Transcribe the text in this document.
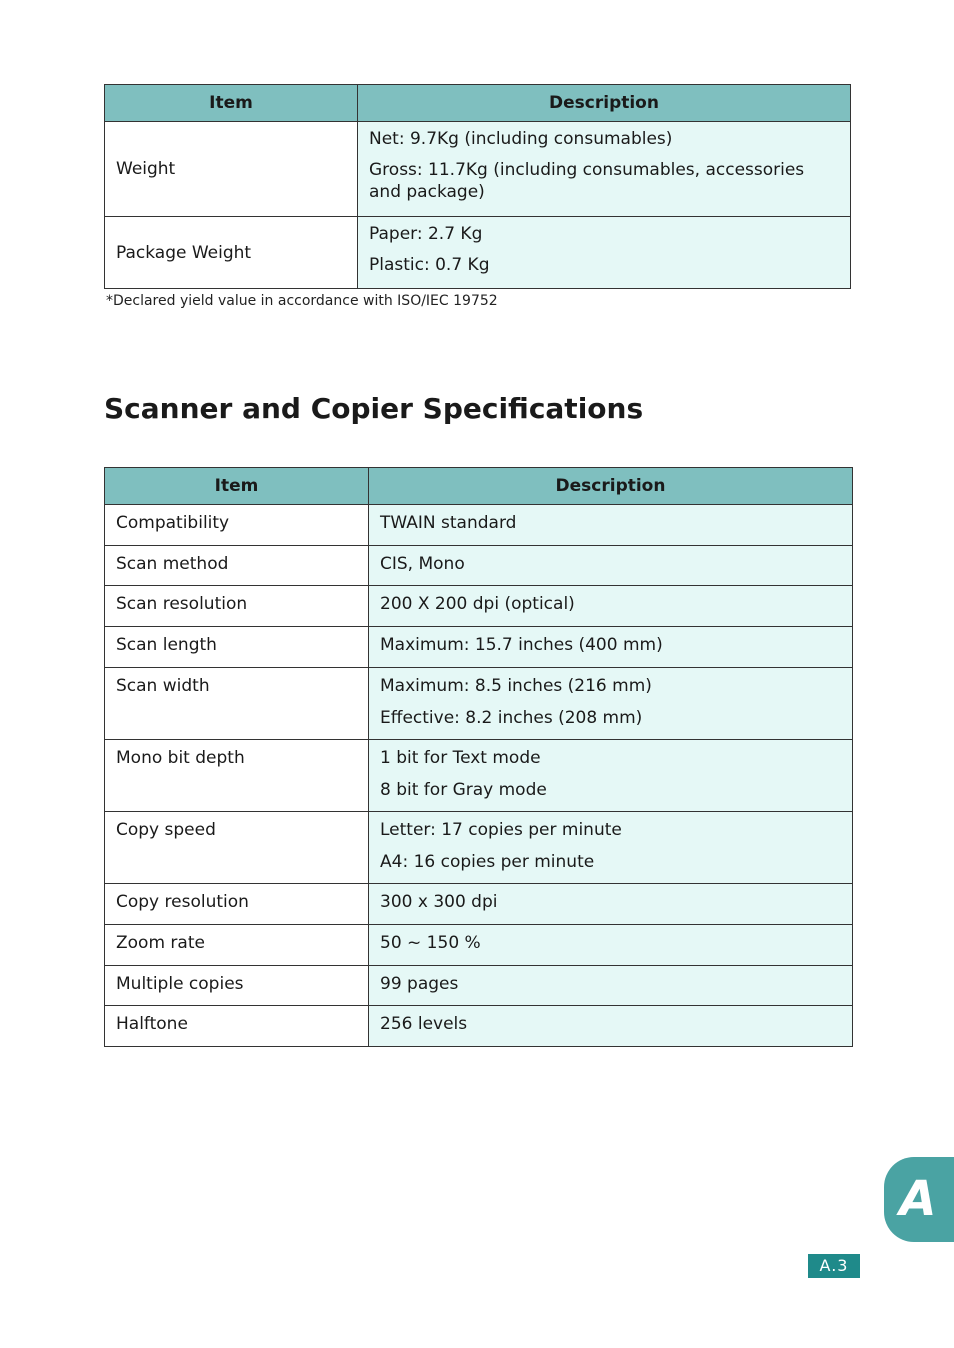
Item	Description
Weight	Net: 9.7Kg (including consumables)
Gross: 11.7Kg (including consumables, accessories and package)

Package Weight	Paper: 2.7 Kg
Plastic: 0.7 Kg
*Declared yield value in accordance with ISO/IEC 19752
Scanner and Copier Specifications
Item	Description

Compatibility	TWAIN standard

Scan method	CIS, Mono

Scan resolution	200 X 200 dpi (optical)

Scan length	Maximum: 15.7 inches (400 mm)

Scan width	Maximum: 8.5 inches (216 mm)
Effective: 8.2 inches (208 mm)

Mono bit depth	1 bit for Text mode
8 bit for Gray mode

Copy speed	Letter: 17 copies per minute
A4: 16 copies per minute

Copy resolution	300 x 300 dpi

Zoom rate	50 ~ 150 %

Multiple copies	99 pages

Halftone	256 levels
A
A.3
